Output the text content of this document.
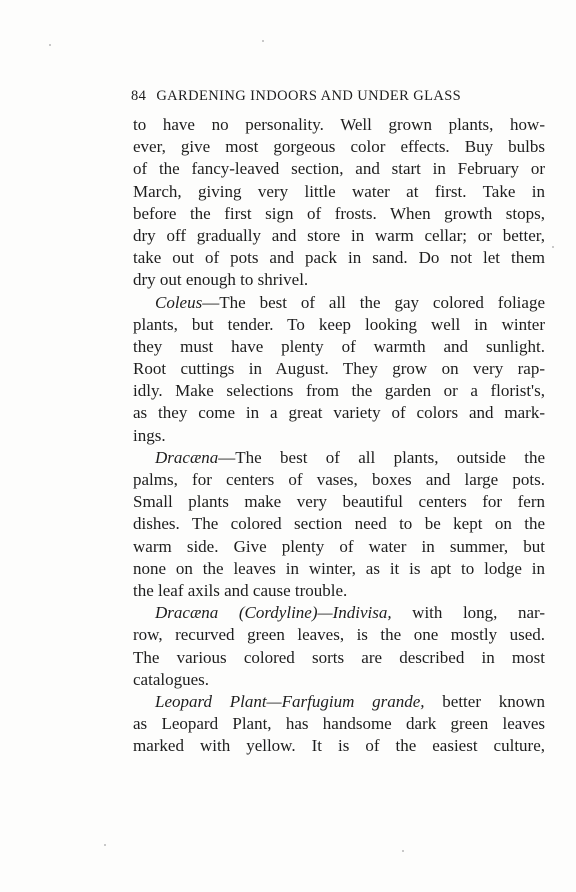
84 GARDENING INDOORS AND UNDER GLASS
to have no personality. Well grown plants, how-
ever, give most gorgeous color effects. Buy bulbs
of the fancy-leaved section, and start in February or
March, giving very little water at first. Take in
before the first sign of frosts. When growth stops,
dry off gradually and store in warm cellar; or better,
take out of pots and pack in sand. Do not let them
dry out enough to shrivel.
Coleus—The best of all the gay colored foliage
plants, but tender. To keep looking well in winter
they must have plenty of warmth and sunlight.
Root cuttings in August. They grow on very rap-
idly. Make selections from the garden or a florist's,
as they come in a great variety of colors and mark-
ings.
Dracæna—The best of all plants, outside the
palms, for centers of vases, boxes and large pots.
Small plants make very beautiful centers for fern
dishes. The colored section need to be kept on the
warm side. Give plenty of water in summer, but
none on the leaves in winter, as it is apt to lodge in
the leaf axils and cause trouble.
Dracæna (Cordyline)—Indivisa, with long, nar-
row, recurved green leaves, is the one mostly used.
The various colored sorts are described in most
catalogues.
Leopard Plant—Farfugium grande, better known
as Leopard Plant, has handsome dark green leaves
marked with yellow. It is of the easiest culture,
